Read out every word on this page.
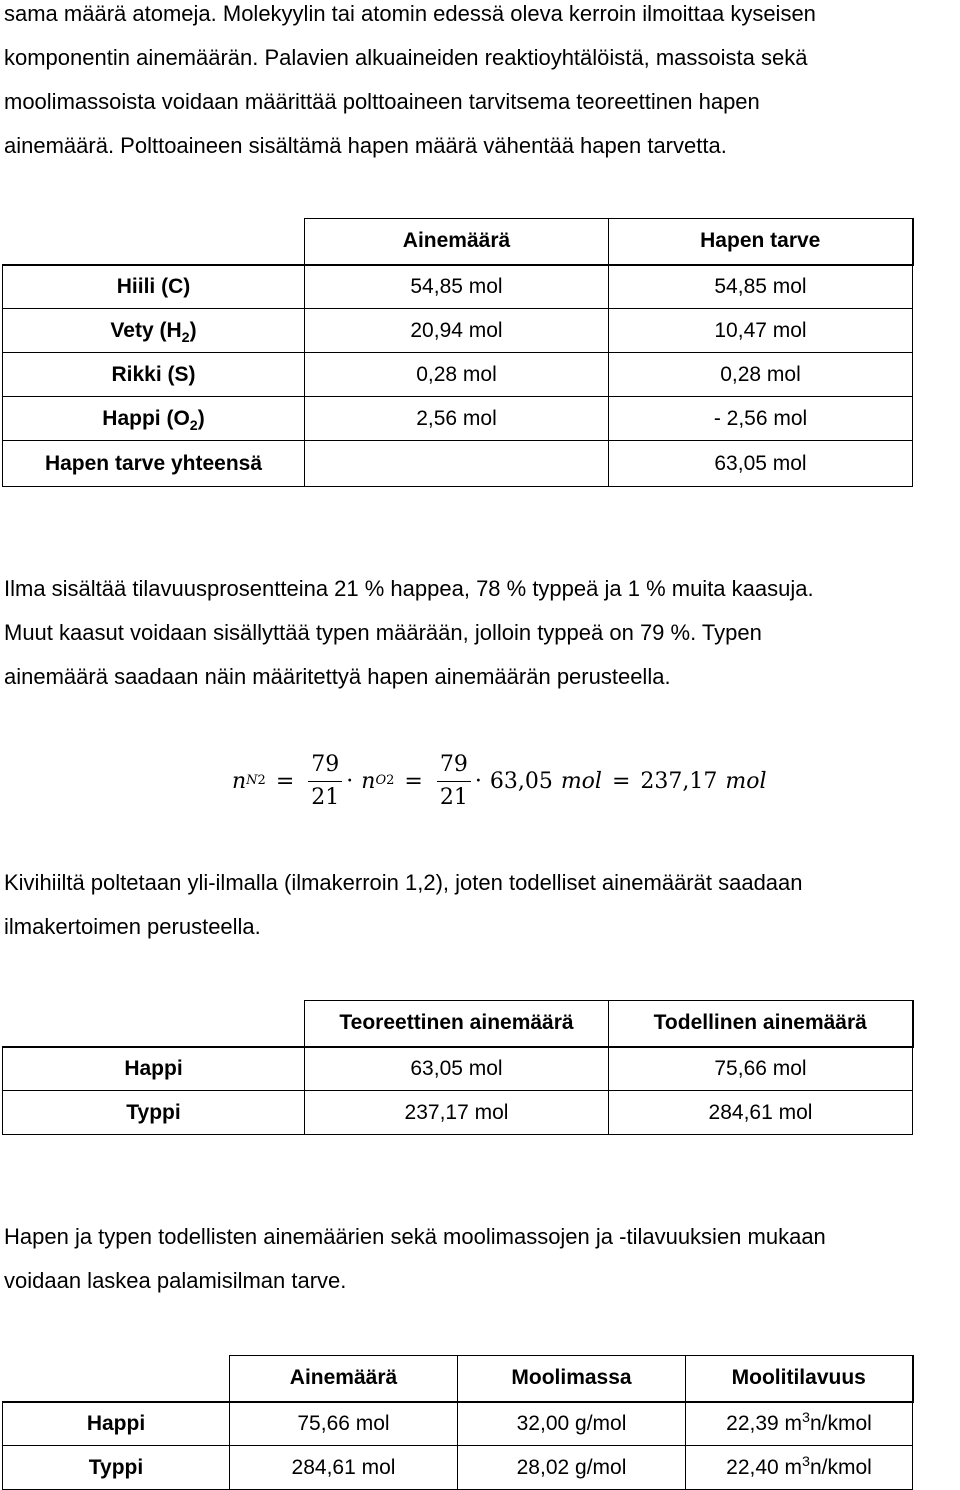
sama määrä atomeja. Molekyylin tai atomin edessä oleva kerroin ilmoittaa kyseisen
komponentin ainemäärän. Palavien alkuaineiden reaktioyhtälöistä, massoista sekä
moolimassoista voidaan määrittää polttoaineen tarvitsema teoreettinen hapen
ainemäärä. Polttoaineen sisältämä hapen määrä vähentää hapen tarvetta.
	Ainemäärä	Hapen tarve
Hiili (C)	54,85 mol	54,85 mol
Vety $(H_2)$	20,94 mol	10,47 mol
Rikki (S)	0,28 mol	0,28 mol
Happi $(O_2)$	2,56 mol	- 2,56 mol
Hapen tarve yhteensä		63,05 mol
Ilma sisältää tilavuusprosentteina 21 % happea, 78 % typpeä ja 1 % muita kaasuja.
Muut kaasut voidaan sisällyttää typen määrään, jolloin typpeä on 79 %. Typen
ainemäärä saadaan näin määritettyä hapen ainemäärän perusteella.
n $N2 = \frac{79}{21} \cdot n$ $O2 = \frac{79}{21} \cdot 63,05$ mol = 237,17 mol
Kivihiiltä poltetaan yli-ilmalla (ilmakerroin 1,2), joten todelliset ainemäärät saadaan
ilmakertoimen perusteella.
	Teoreettinen ainemäärä	Todellinen ainemäärä
Happi	63,05 mol	75,66 mol
Typpi	237,17 mol	284,61 mol
Hapen ja typen todellisten ainemäärien sekä moolimassojen ja -tilavuuksien mukaan
voidaan laskea palamisilman tarve.
	Ainemäärä	Moolimassa	Moolitilavuus
Happi	75,66 mol	32,00 g/mol	22,39 $m^3n$/kmol
Typpi	284,61 mol	28,02 g/mol	22,40 $m^3n$/kmol
